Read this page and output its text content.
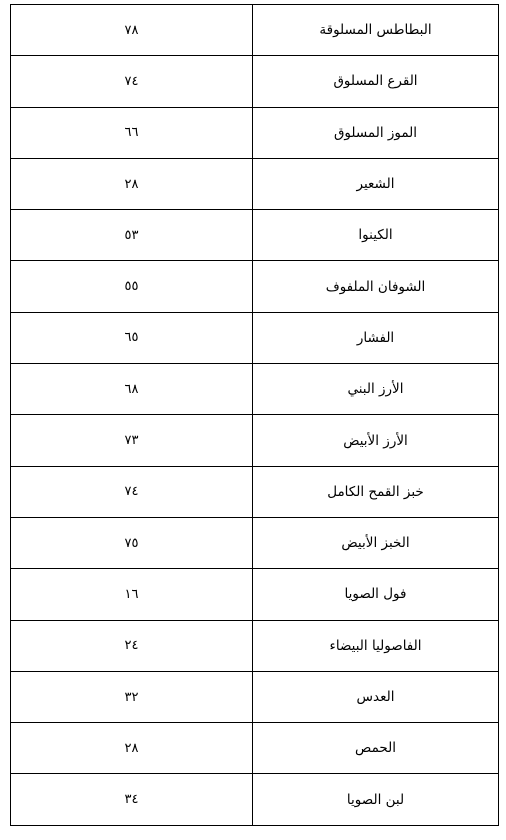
٧٨	البطاطس المسلوقة
٧٤	القرع المسلوق
٦٦	الموز المسلوق
٢٨	الشعير
٥٣	الكينوا
٥٥	الشوفان الملفوف
٦٥	الفشار
٦٨	الأرز البني
٧٣	الأرز الأبيض
٧٤	خبز القمح الكامل
٧٥	الخبز الأبيض
١٦	فول الصويا
٢٤	الفاصوليا البيضاء
٣٢	العدس
٢٨	الحمص
٣٤	لبن الصويا
